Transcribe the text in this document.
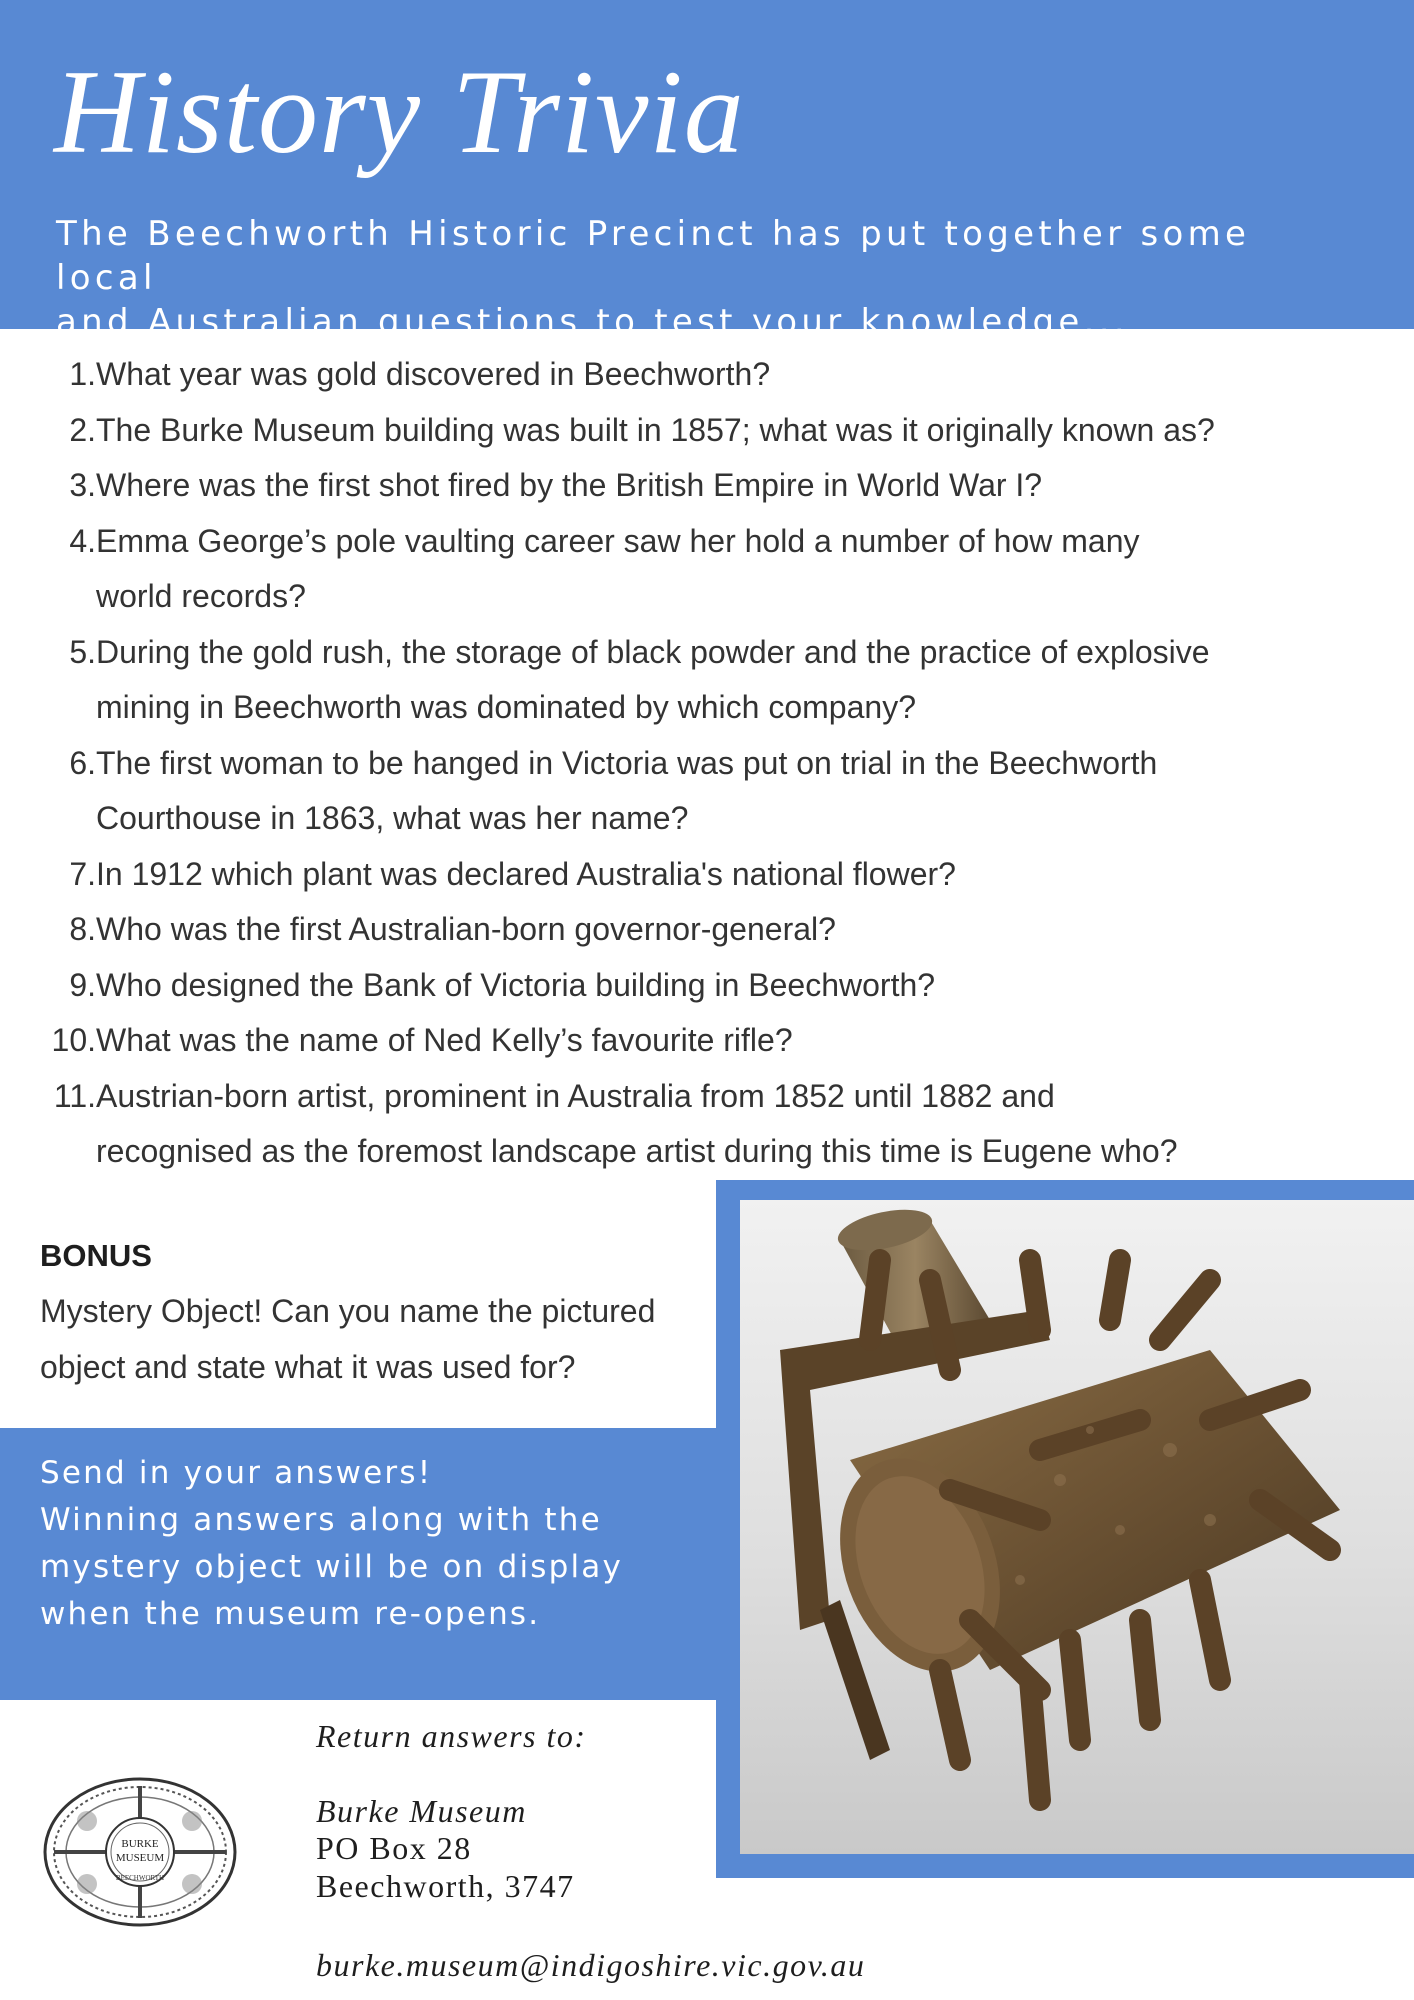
History Trivia
The Beechworth Historic Precinct has put together some local
and Australian questions to test your knowledge...
1. What year was gold discovered in Beechworth?
2. The Burke Museum building was built in 1857; what was it originally known as?
3. Where was the first shot fired by the British Empire in World War I?
4. Emma George’s pole vaulting career saw her hold a number of how many
world records?
5. During the gold rush, the storage of black powder and the practice of explosive
mining in Beechworth was dominated by which company?
6. The first woman to be hanged in Victoria was put on trial in the Beechworth
Courthouse in 1863, what was her name?
7. In 1912 which plant was declared Australia's national flower?
8. Who was the first Australian-born governor-general?
9. Who designed the Bank of Victoria building in Beechworth?
10. What was the name of Ned Kelly’s favourite rifle?
11. Austrian-born artist, prominent in Australia from 1852 until 1882 and
recognised as the foremost landscape artist during this time is Eugene who?
BONUS
Mystery Object! Can you name the pictured
object and state what it was used for?
Send in your answers!
Winning answers along with the
mystery object will be on display
when the museum re-opens.
BURKE
MUSEUM
BEECHWORTH
Return answers to:
Burke Museum
PO Box 28
Beechworth, 3747
burke.museum@indigoshire.vic.gov.au
